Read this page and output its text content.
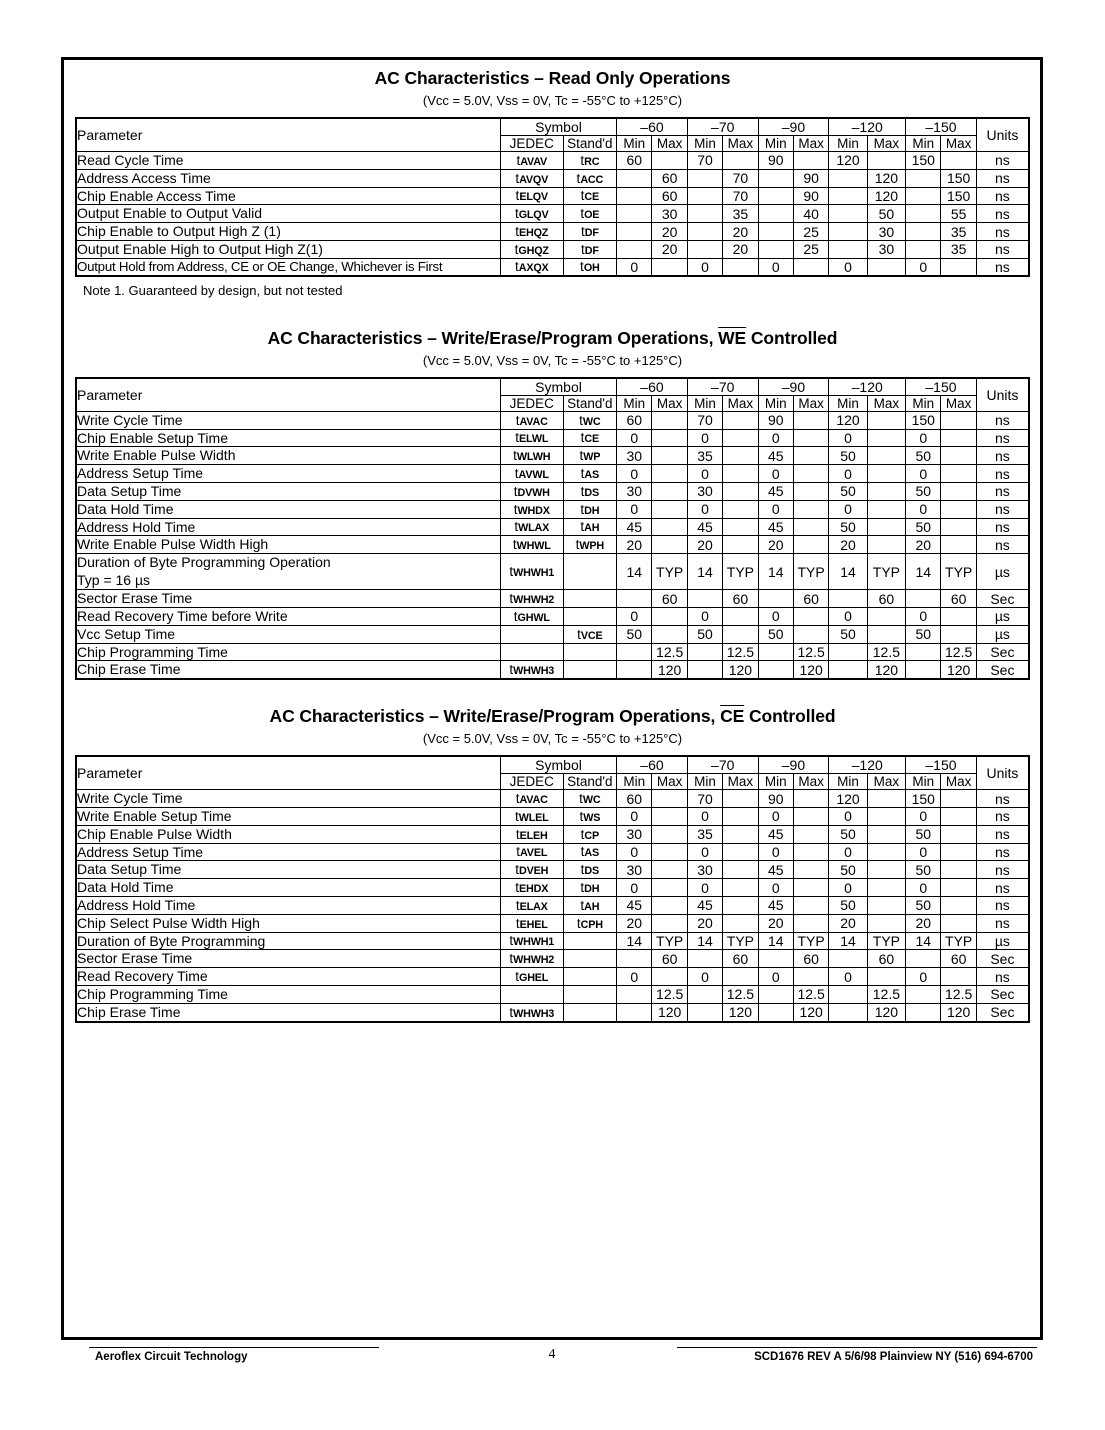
AC Characteristics – Read Only Operations
(Vcc = 5.0V, Vss = 0V, Tc = -55°C to +125°C)
Parameter	Symbol		–60		–70		–90		–120		–150		Units
	JEDEC	Stand'd	Min	Max	Min	Max	Min	Max	Min	Max	Min	Max	
Read Cycle Time	tAVAV	tRC	60		70		90		120		150		ns
Address Access Time	tAVQV	tACC		60		70		90		120		150	ns
Chip Enable Access Time	tELQV	tCE		60		70		90		120		150	ns
Output Enable to Output Valid	tGLQV	tOE		30		35		40		50		55	ns
Chip Enable to Output High Z (1)	tEHQZ	tDF		20		20		25		30		35	ns
Output Enable High to Output High Z(1)	tGHQZ	tDF		20		20		25		30		35	ns
Output Hold from Address, $\overline{CE}$ or $\overline{OE}$ Change, Whichever is First	tAXQX	tOH	0		0		0		0		0		ns
Note 1. Guaranteed by design, but not tested
AC Characteristics – Write/Erase/Program Operations, $\overline{WE}$ Controlled
(Vcc = 5.0V, Vss = 0V, Tc = -55°C to +125°C)
Parameter	Symbol		–60		–70		–90		–120		–150		Units
	JEDEC	Stand'd	Min	Max	Min	Max	Min	Max	Min	Max	Min	Max	
Write Cycle Time	tAVAC	tWC	60		70		90		120		150		ns
Chip Enable Setup Time	tELWL	tCE	0		0		0		0		0		ns
Write Enable Pulse Width	tWLWH	tWP	30		35		45		50		50		ns
Address Setup Time	tAVWL	tAS	0		0		0		0		0		ns
Data Setup Time	tDVWH	tDS	30		30		45		50		50		ns
Data Hold Time	tWHDX	tDH	0		0		0		0		0		ns
Address Hold Time	tWLAX	tAH	45		45		45		50		50		ns
Write Enable Pulse Width High	tWHWL	tWPH	20		20		20		20		20		ns

Duration of Byte Programming Operation
Typ = 16 µs	tWHWH1		14	TYP	14	TYP	14	TYP	14	TYP	14	TYP	µs
Sector Erase Time	tWHWH2			60		60		60		60		60	Sec
Read Recovery Time before Write	tGHWL		0		0		0		0		0		µs
Vcc Setup Time		tVCE	50		50		50		50		50		µs
Chip Programming Time				12.5		12.5		12.5		12.5		12.5	Sec
Chip Erase Time	tWHWH3			120		120		120		120		120	Sec
AC Characteristics – Write/Erase/Program Operations, $\overline{CE}$ Controlled
(Vcc = 5.0V, Vss = 0V, Tc = -55°C to +125°C)
Parameter	Symbol		–60		–70		–90		–120		–150		Units
	JEDEC	Stand'd	Min	Max	Min	Max	Min	Max	Min	Max	Min	Max	
Write Cycle Time	tAVAC	tWC	60		70		90		120		150		ns
Write Enable Setup Time	tWLEL	tWS	0		0		0		0		0		ns
Chip Enable Pulse Width	tELEH	tCP	30		35		45		50		50		ns
Address Setup Time	tAVEL	tAS	0		0		0		0		0		ns
Data Setup Time	tDVEH	tDS	30		30		45		50		50		ns
Data Hold Time	tEHDX	tDH	0		0		0		0		0		ns
Address Hold Time	tELAX	tAH	45		45		45		50		50		ns
Chip Select Pulse Width High	tEHEL	tCPH	20		20		20		20		20		ns
Duration of Byte Programming	tWHWH1		14	TYP	14	TYP	14	TYP	14	TYP	14	TYP	µs
Sector Erase Time	tWHWH2			60		60		60		60		60	Sec
Read Recovery Time	tGHEL		0		0		0		0		0		ns
Chip Programming Time				12.5		12.5		12.5		12.5		12.5	Sec
Chip Erase Time	tWHWH3			120		120		120		120		120	Sec
Aeroflex Circuit Technology	4	SCD1676 REV A 5/6/98 Plainview NY (516) 694-6700
